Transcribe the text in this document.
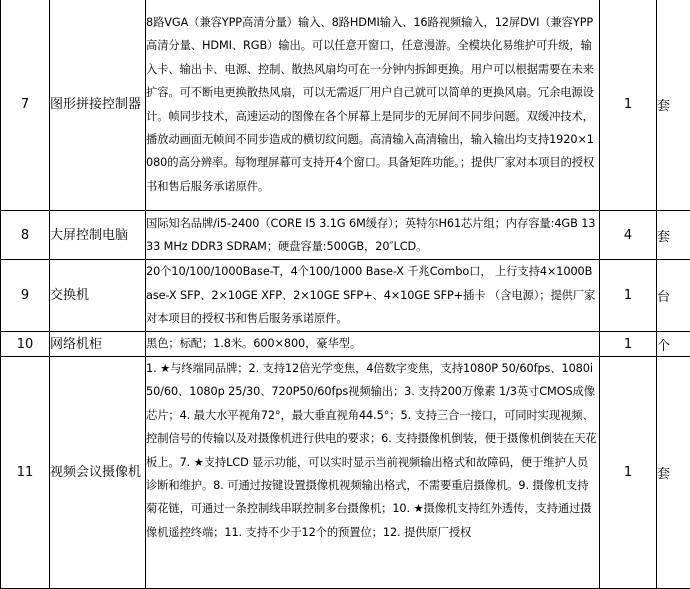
7	图形拼接控制器	8路VGA（兼容YPP高清分量）输入、8路HDMI输入、16路视频输入，12屏DVI（兼容YPP高清分量、HDMI、RGB）输出。可以任意开窗口，任意漫游。全模块化易维护可升级，输入卡、输出卡、电源、控制、散热风扇均可在一分钟内拆卸更换。用户可以根据需要在未来扩容。可不断电更换散热风扇，可以无需返厂用户自己就可以简单的更换风扇。冗余电源设计。帧同步技术，高速运动的图像在各个屏幕上是同步的无屏间不同步问题。双缓冲技术，播放动画面无帧间不同步造成的横切纹问题。高清输入高清输出，输入输出均支持1920×1080的高分辨率。每物理屏幕可支持开4个窗口。具备矩阵功能。；提供厂家对本项目的授权书和售后服务承诺原件。	1	套
8	大屏控制电脑	国际知名品牌/i5-2400（CORE I5 3.1G 6M缓存）；英特尔H61芯片组；内存容量:4GB 1333 MHz DDR3 SDRAM；硬盘容量:500GB，20″LCD。	4	套
9	交换机	20个10/100/1000Base-T，4个100/1000 Base-X 千兆Combo口， 上行支持4×1000Base-X SFP、2×10GE XFP、2×10GE SFP+、4×10GE SFP+插卡 （含电源）；提供厂家对本项目的授权书和售后服务承诺原件。	1	台
10	网络机柜	黑色；标配；1.8米。600×800，豪华型。	1	个
11	视频会议摄像机	1. ★与终端同品牌；2. 支持12倍光学变焦，4倍数字变焦，支持1080P 50/60fps、1080i 50/60、1080p 25/30、720P50/60fps视频输出；3. 支持200万像素 1/3英寸CMOS成像芯片；4. 最大水平视角72°，最大垂直视角44.5°；5. 支持三合一接口，可同时实现视频、控制信号的传输以及对摄像机进行供电的要求；6. 支持摄像机倒装，便于摄像机倒装在天花板上。7. ★支持LCD 显示功能，可以实时显示当前视频输出格式和故障码，便于维护人员诊断和维护。8. 可通过按键设置摄像机视频输出格式，不需要重启摄像机。9. 摄像机支持菊花链，可通过一条控制线串联控制多台摄像机；10. ★摄像机支持红外透传，支持通过摄像机遥控终端；11. 支持不少于12个的预置位；12. 提供原厂授权	1	套
